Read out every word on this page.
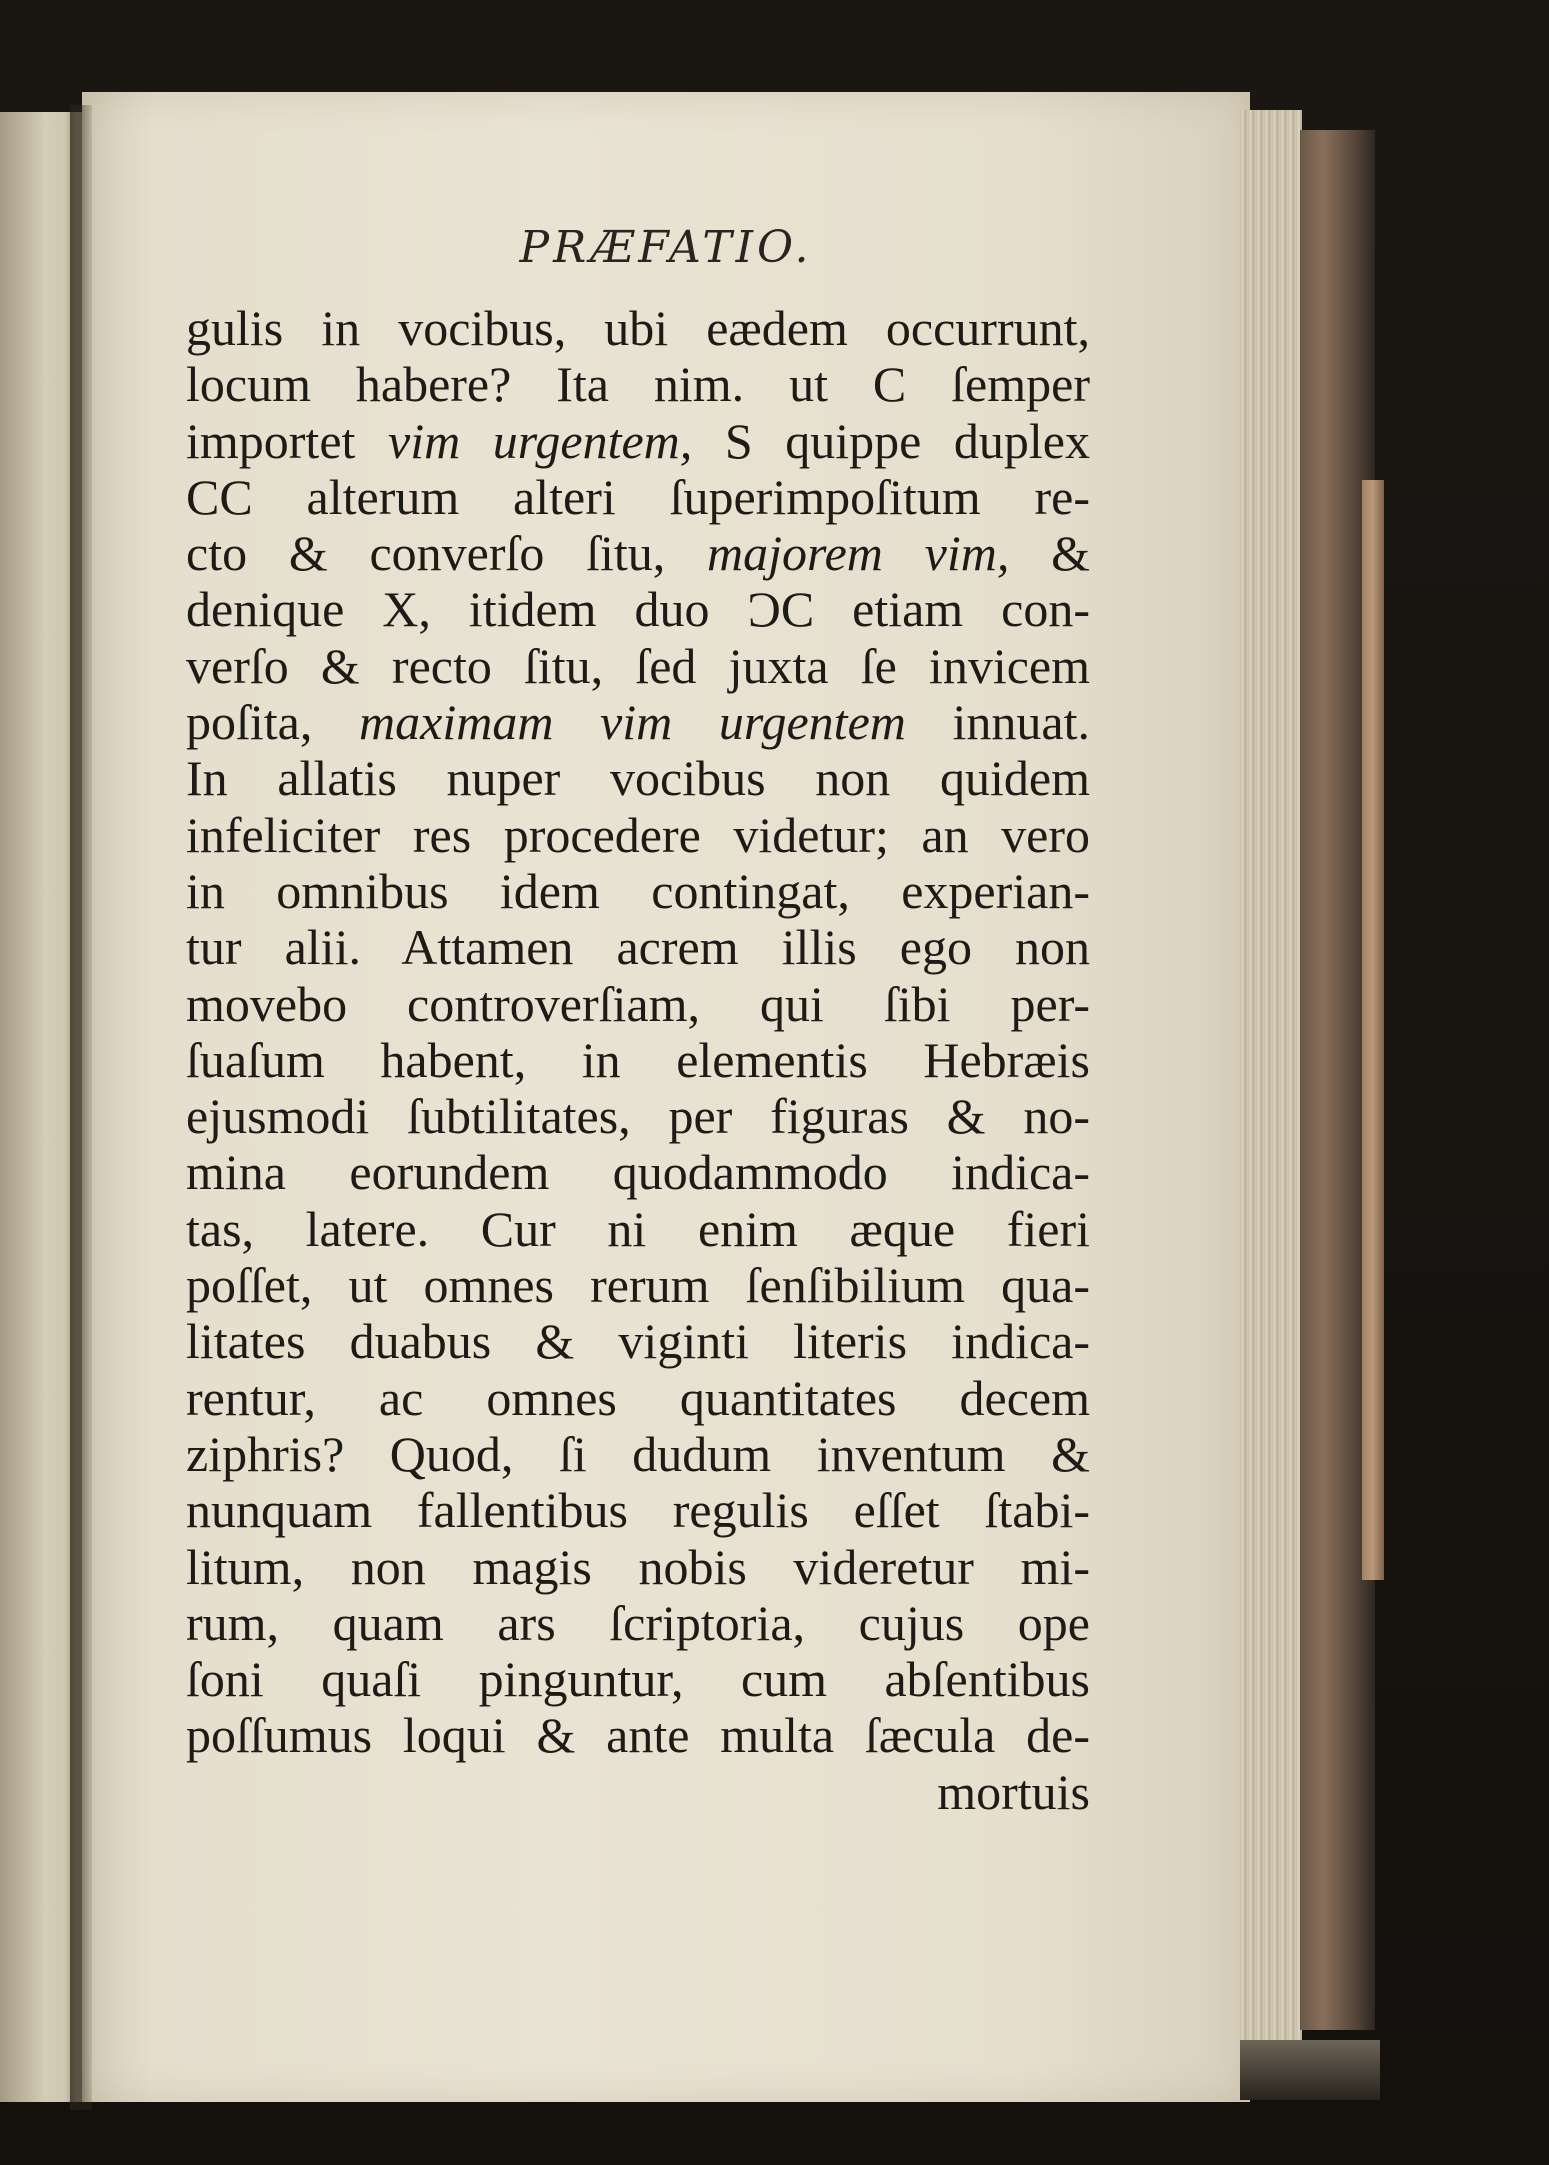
PRÆFATIO.
gulis in vocibus, ubi eædem occurrunt,
locum habere? Ita nim. ut C ſemper
importet vim urgentem, S quippe duplex
CC alterum alteri ſuperimpoſitum re-
cto & converſo ſitu, majorem vim, &
denique X, itidem duo ƆC etiam con-
verſo & recto ſitu, ſed juxta ſe invicem
poſita, maximam vim urgentem innuat.
In allatis nuper vocibus non quidem
infeliciter res procedere videtur; an vero
in omnibus idem contingat, experian-
tur alii. Attamen acrem illis ego non
movebo controverſiam, qui ſibi per-
ſuaſum habent, in elementis Hebræis
ejusmodi ſubtilitates, per figuras & no-
mina eorundem quodammodo indica-
tas, latere. Cur ni enim æque fieri
poſſet, ut omnes rerum ſenſibilium qua-
litates duabus & viginti literis indica-
rentur, ac omnes quantitates decem
ziphris? Quod, ſi dudum inventum &
nunquam fallentibus regulis eſſet ſtabi-
litum, non magis nobis videretur mi-
rum, quam ars ſcriptoria, cujus ope
ſoni quaſi pinguntur, cum abſentibus
poſſumus loqui & ante multa ſæcula de-
mortuis
